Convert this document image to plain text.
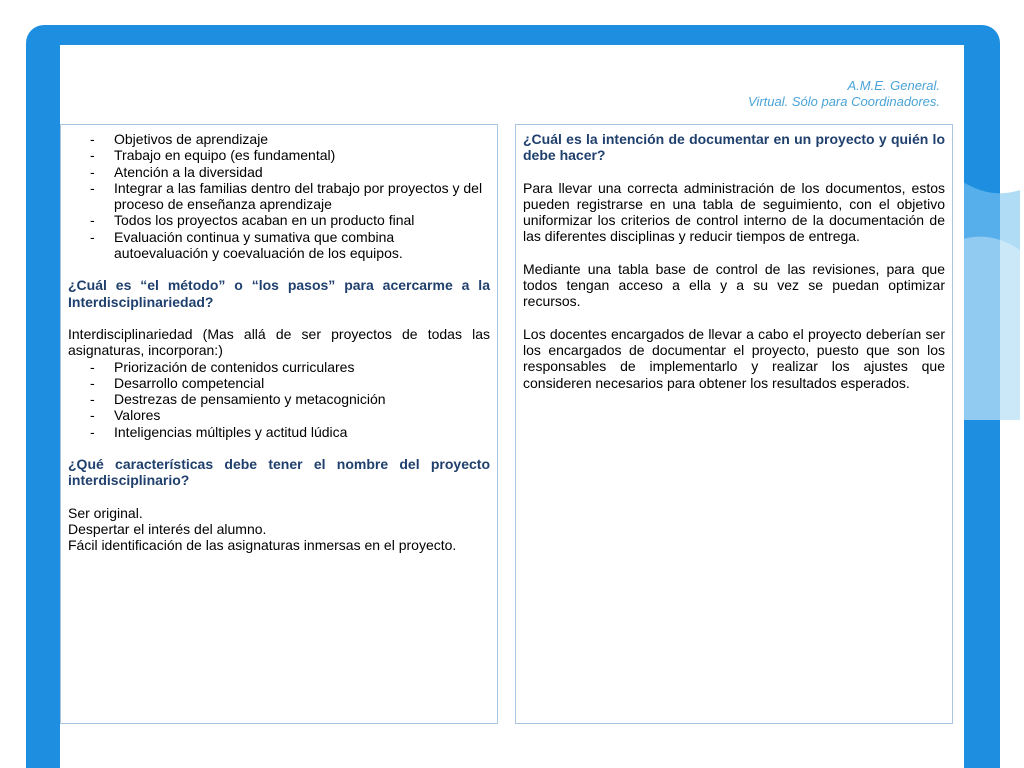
A.M.E. General.
Virtual. Sólo para Coordinadores.
- Objetivos de aprendizaje
- Trabajo en equipo (es fundamental)
- Atención a la diversidad
- Integrar a las familias dentro del trabajo por proyectos y del proceso de enseñanza aprendizaje
- Todos los proyectos acaban en un producto final
- Evaluación continua y sumativa que combina autoevaluación y coevaluación de los equipos.

¿Cuál es “el método” o “los pasos” para acercarme a la Interdisciplinariedad?

Interdisciplinariedad (Mas allá de ser proyectos de todas las asignaturas, incorporan:)

- Priorización de contenidos curriculares
- Desarrollo competencial
- Destrezas de pensamiento y metacognición
- Valores
- Inteligencias múltiples y actitud lúdica

¿Qué características debe tener el nombre del proyecto interdisciplinario?

Ser original.

Despertar el interés del alumno.

Fácil identificación de las asignaturas inmersas en el proyecto.

¿Cuál es la intención de documentar en un proyecto y quién lo debe hacer?

Para llevar una correcta administración de los documentos, estos pueden registrarse en una tabla de seguimiento, con el objetivo uniformizar los criterios de control interno de la documentación de las diferentes disciplinas y reducir tiempos de entrega.

Mediante una tabla base de control de las revisiones, para que todos tengan acceso a ella y a su vez se puedan optimizar recursos.

Los docentes encargados de llevar a cabo el proyecto deberían ser los encargados de documentar el proyecto, puesto que son los responsables de implementarlo y realizar los ajustes que consideren necesarios para obtener los resultados esperados.
